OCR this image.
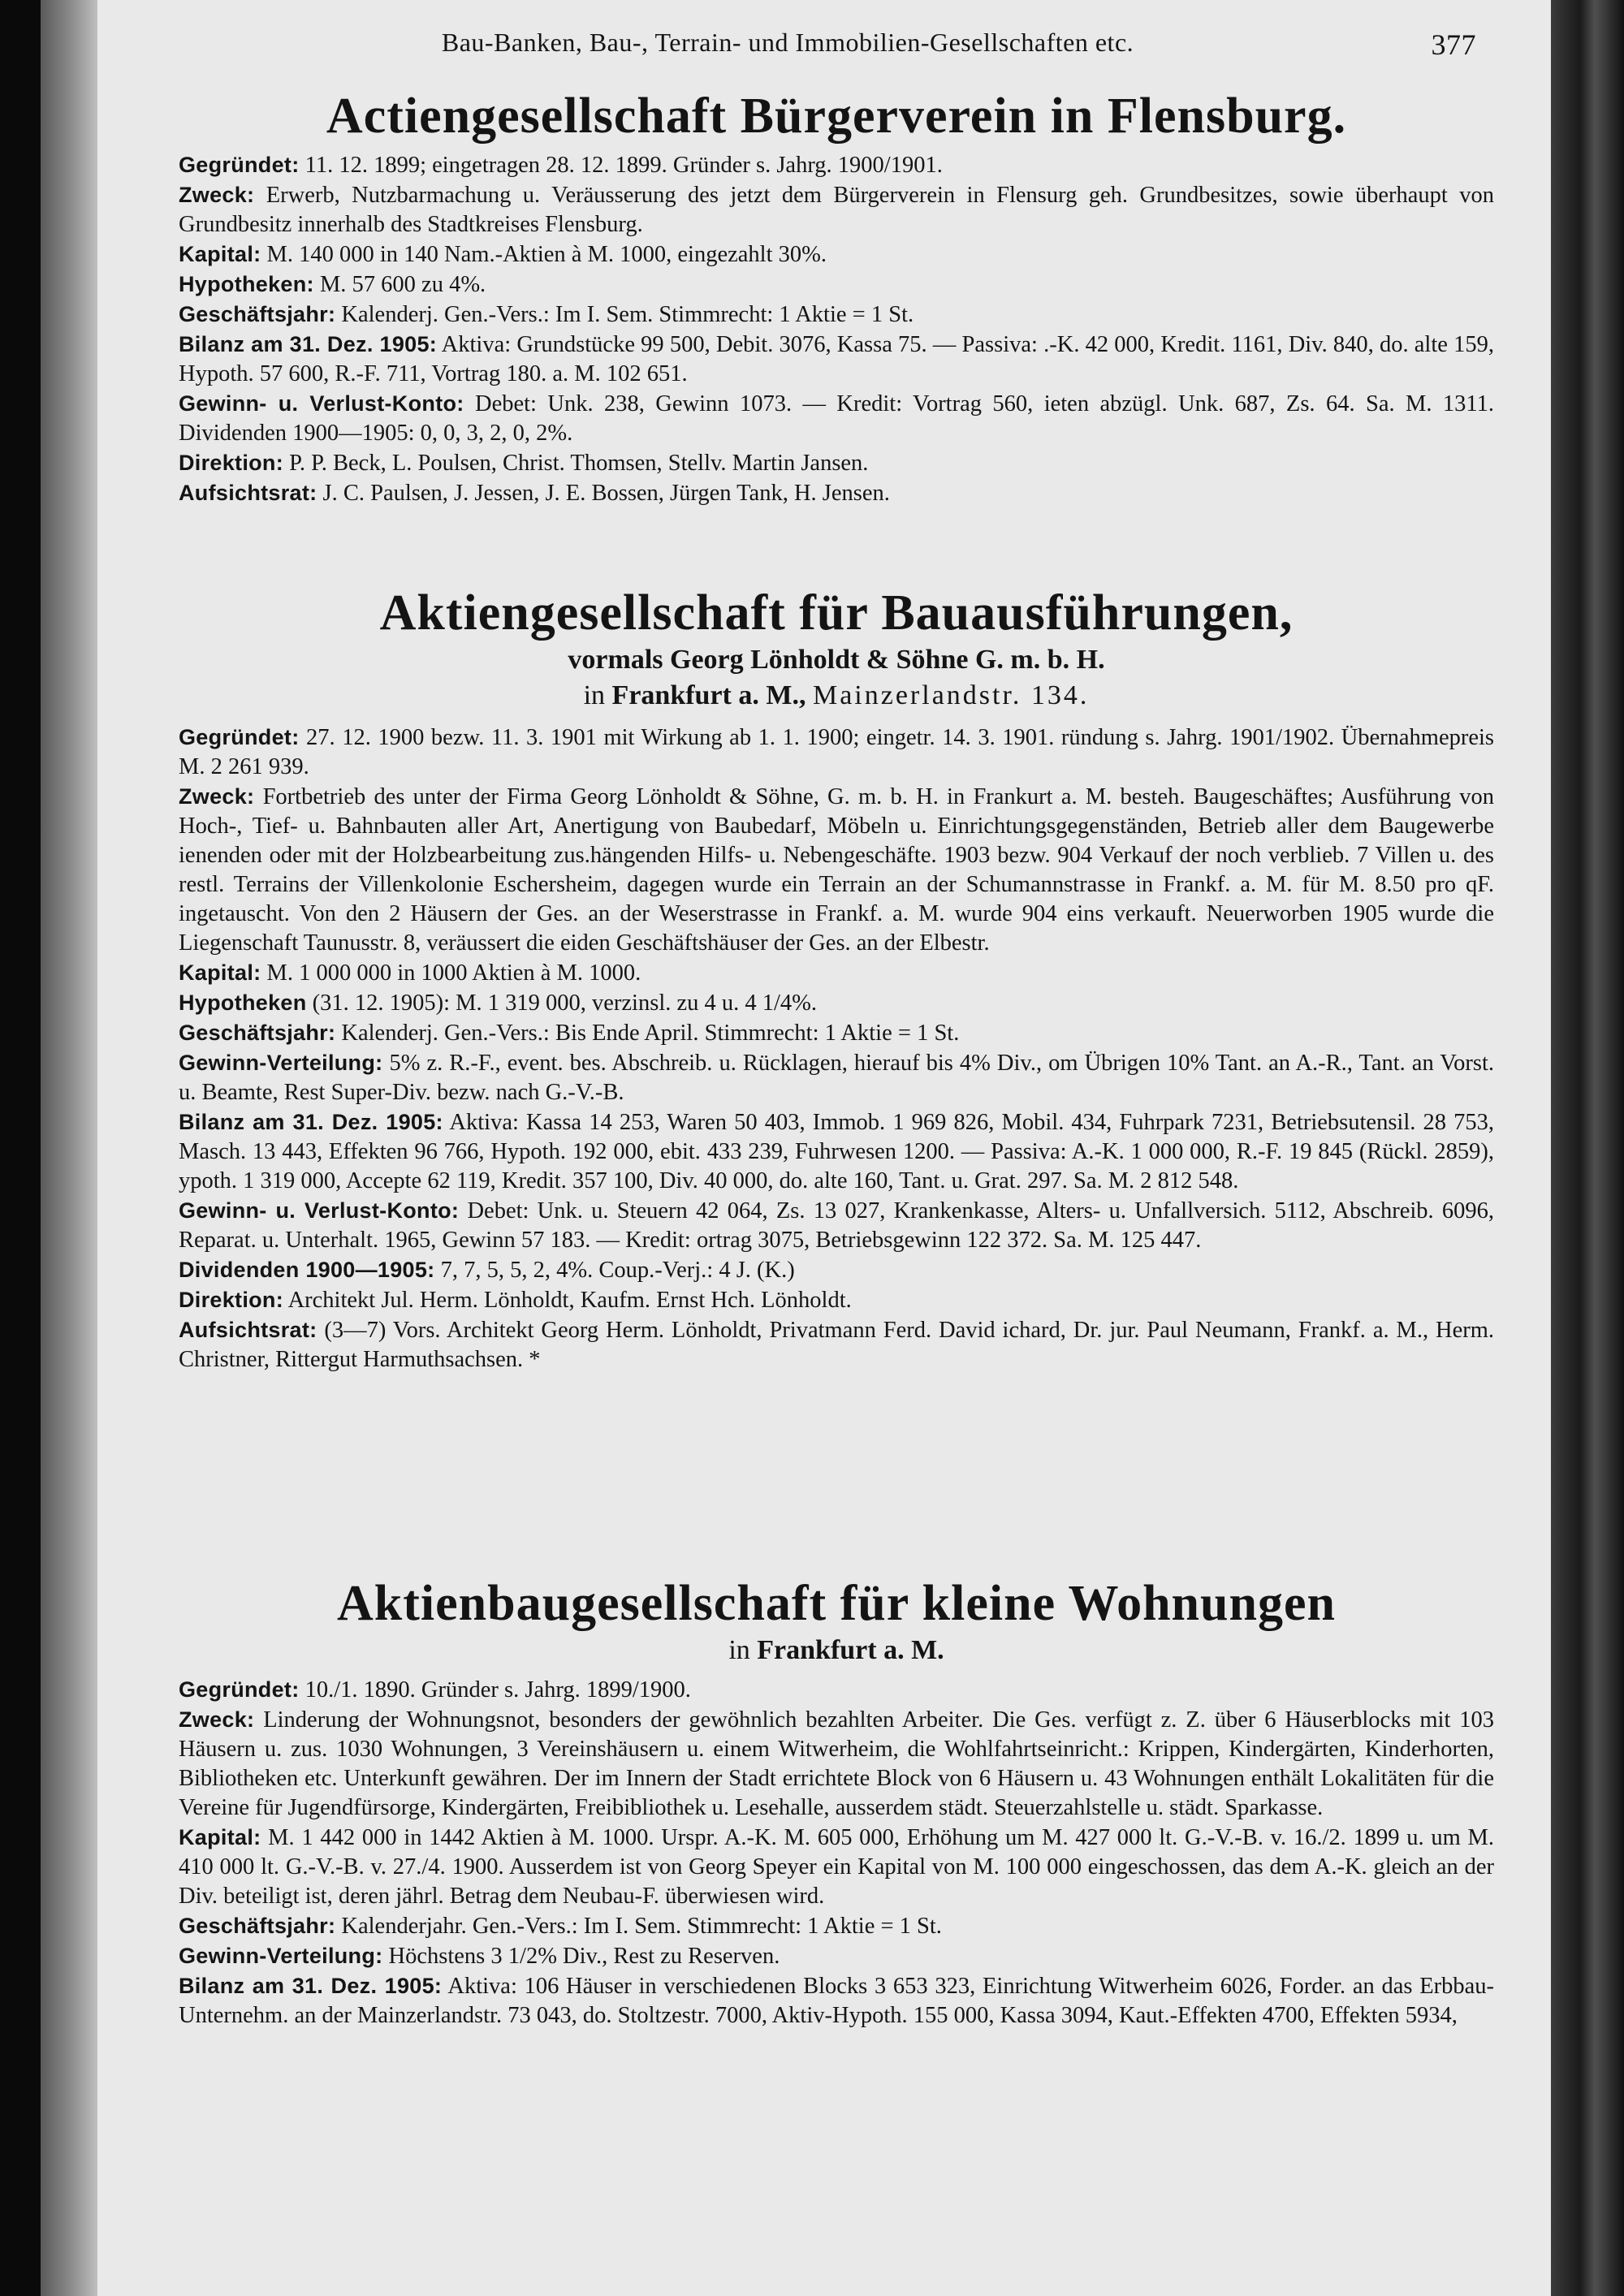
Bau-Banken, Bau-, Terrain- und Immobilien-Gesellschaften etc.	377
Actiengesellschaft Bürgerverein in Flensburg.

Gegründet: 11. 12. 1899; eingetragen 28. 12. 1899. Gründer s. Jahrg. 1900/1901.

Zweck: Erwerb, Nutzbarmachung u. Veräusserung des jetzt dem Bürgerverein in Flensurg geh. Grundbesitzes, sowie überhaupt von Grundbesitz innerhalb des Stadtkreises Flensburg.

Kapital: M. 140 000 in 140 Nam.-Aktien à M. 1000, eingezahlt 30%.

Hypotheken: M. 57 600 zu 4%.

Geschäftsjahr: Kalenderj. Gen.-Vers.: Im I. Sem. Stimmrecht: 1 Aktie = 1 St.

Bilanz am 31. Dez. 1905: Aktiva: Grundstücke 99 500, Debit. 3076, Kassa 75. — Passiva: .-K. 42 000, Kredit. 1161, Div. 840, do. alte 159, Hypoth. 57 600, R.-F. 711, Vortrag 180. a. M. 102 651.

Gewinn- u. Verlust-Konto: Debet: Unk. 238, Gewinn 1073. — Kredit: Vortrag 560, ieten abzügl. Unk. 687, Zs. 64. Sa. M. 1311. Dividenden 1900—1905: 0, 0, 3, 2, 0, 2%.

Direktion: P. P. Beck, L. Poulsen, Christ. Thomsen, Stellv. Martin Jansen.

Aufsichtsrat: J. C. Paulsen, J. Jessen, J. E. Bossen, Jürgen Tank, H. Jensen.

Aktiengesellschaft für Bauausführungen,
vormals Georg Lönholdt & Söhne G. m. b. H.
in Frankfurt a. M., Mainzerlandstr. 134.

Gegründet: 27. 12. 1900 bezw. 11. 3. 1901 mit Wirkung ab 1. 1. 1900; eingetr. 14. 3. 1901. ründung s. Jahrg. 1901/1902. Übernahmepreis M. 2 261 939.

Zweck: Fortbetrieb des unter der Firma Georg Lönholdt & Söhne, G. m. b. H. in Frankurt a. M. besteh. Baugeschäftes; Ausführung von Hoch-, Tief- u. Bahnbauten aller Art, Anertigung von Baubedarf, Möbeln u. Einrichtungsgegenständen, Betrieb aller dem Baugewerbe ienenden oder mit der Holzbearbeitung zus.hängenden Hilfs- u. Nebengeschäfte. 1903 bezw. 904 Verkauf der noch verblieb. 7 Villen u. des restl. Terrains der Villenkolonie Eschersheim, dagegen wurde ein Terrain an der Schumannstrasse in Frankf. a. M. für M. 8.50 pro qF. ingetauscht. Von den 2 Häusern der Ges. an der Weserstrasse in Frankf. a. M. wurde 904 eins verkauft. Neuerworben 1905 wurde die Liegenschaft Taunusstr. 8, veräussert die eiden Geschäftshäuser der Ges. an der Elbestr.

Kapital: M. 1 000 000 in 1000 Aktien à M. 1000.

Hypotheken (31. 12. 1905): M. 1 319 000, verzinsl. zu 4 u. 4 1/4%.

Geschäftsjahr: Kalenderj. Gen.-Vers.: Bis Ende April. Stimmrecht: 1 Aktie = 1 St.

Gewinn-Verteilung: 5% z. R.-F., event. bes. Abschreib. u. Rücklagen, hierauf bis 4% Div., om Übrigen 10% Tant. an A.-R., Tant. an Vorst. u. Beamte, Rest Super-Div. bezw. nach G.-V.-B.

Bilanz am 31. Dez. 1905: Aktiva: Kassa 14 253, Waren 50 403, Immob. 1 969 826, Mobil. 434, Fuhrpark 7231, Betriebsutensil. 28 753, Masch. 13 443, Effekten 96 766, Hypoth. 192 000, ebit. 433 239, Fuhrwesen 1200. — Passiva: A.-K. 1 000 000, R.-F. 19 845 (Rückl. 2859), ypoth. 1 319 000, Accepte 62 119, Kredit. 357 100, Div. 40 000, do. alte 160, Tant. u. Grat. 297. Sa. M. 2 812 548.

Gewinn- u. Verlust-Konto: Debet: Unk. u. Steuern 42 064, Zs. 13 027, Krankenkasse, Alters- u. Unfallversich. 5112, Abschreib. 6096, Reparat. u. Unterhalt. 1965, Gewinn 57 183. — Kredit: ortrag 3075, Betriebsgewinn 122 372. Sa. M. 125 447.

Dividenden 1900—1905: 7, 7, 5, 5, 2, 4%. Coup.-Verj.: 4 J. (K.)

Direktion: Architekt Jul. Herm. Lönholdt, Kaufm. Ernst Hch. Lönholdt.

Aufsichtsrat: (3—7) Vors. Architekt Georg Herm. Lönholdt, Privatmann Ferd. David ichard, Dr. jur. Paul Neumann, Frankf. a. M., Herm. Christner, Rittergut Harmuthsachsen. *

Aktienbaugesellschaft für kleine Wohnungen
in Frankfurt a. M.

Gegründet: 10./1. 1890. Gründer s. Jahrg. 1899/1900.

Zweck: Linderung der Wohnungsnot, besonders der gewöhnlich bezahlten Arbeiter. Die Ges. verfügt z. Z. über 6 Häuserblocks mit 103 Häusern u. zus. 1030 Wohnungen, 3 Vereinshäusern u. einem Witwerheim, die Wohlfahrtseinricht.: Krippen, Kindergärten, Kinderhorten, Bibliotheken etc. Unterkunft gewähren. Der im Innern der Stadt errichtete Block von 6 Häusern u. 43 Wohnungen enthält Lokalitäten für die Vereine für Jugendfürsorge, Kindergärten, Freibibliothek u. Lesehalle, ausserdem städt. Steuerzahlstelle u. städt. Sparkasse.

Kapital: M. 1 442 000 in 1442 Aktien à M. 1000. Urspr. A.-K. M. 605 000, Erhöhung um M. 427 000 lt. G.-V.-B. v. 16./2. 1899 u. um M. 410 000 lt. G.-V.-B. v. 27./4. 1900. Ausserdem ist von Georg Speyer ein Kapital von M. 100 000 eingeschossen, das dem A.-K. gleich an der Div. beteiligt ist, deren jährl. Betrag dem Neubau-F. überwiesen wird.

Geschäftsjahr: Kalenderjahr. Gen.-Vers.: Im I. Sem. Stimmrecht: 1 Aktie = 1 St.

Gewinn-Verteilung: Höchstens 3 1/2% Div., Rest zu Reserven.

Bilanz am 31. Dez. 1905: Aktiva: 106 Häuser in verschiedenen Blocks 3 653 323, Einrichtung Witwerheim 6026, Forder. an das Erbbau-Unternehm. an der Mainzerlandstr. 73 043, do. Stoltzestr. 7000, Aktiv-Hypoth. 155 000, Kassa 3094, Kaut.-Effekten 4700, Effekten 5934,
